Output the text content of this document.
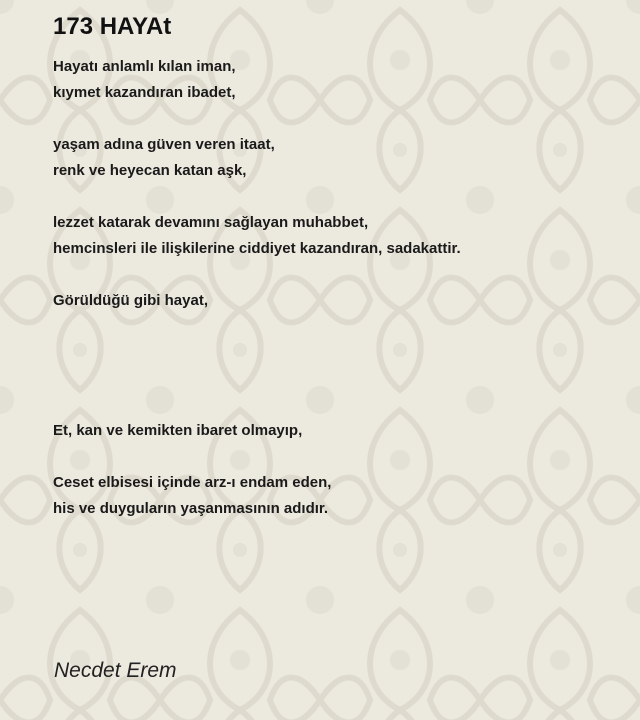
173 HAYAt
Hayatı anlamlı kılan iman,
kıymet kazandıran ibadet,
yaşam adına güven veren itaat,
renk ve heyecan katan aşk,
lezzet katarak devamını sağlayan muhabbet,
hemcinsleri ile ilişkilerine ciddiyet kazandıran, sadakattir.
Görüldüğü gibi hayat,
Et, kan ve kemikten ibaret olmayıp,
Ceset elbisesi içinde arz-ı endam eden,
his ve duyguların yaşanmasının adıdır.
Necdet Erem
